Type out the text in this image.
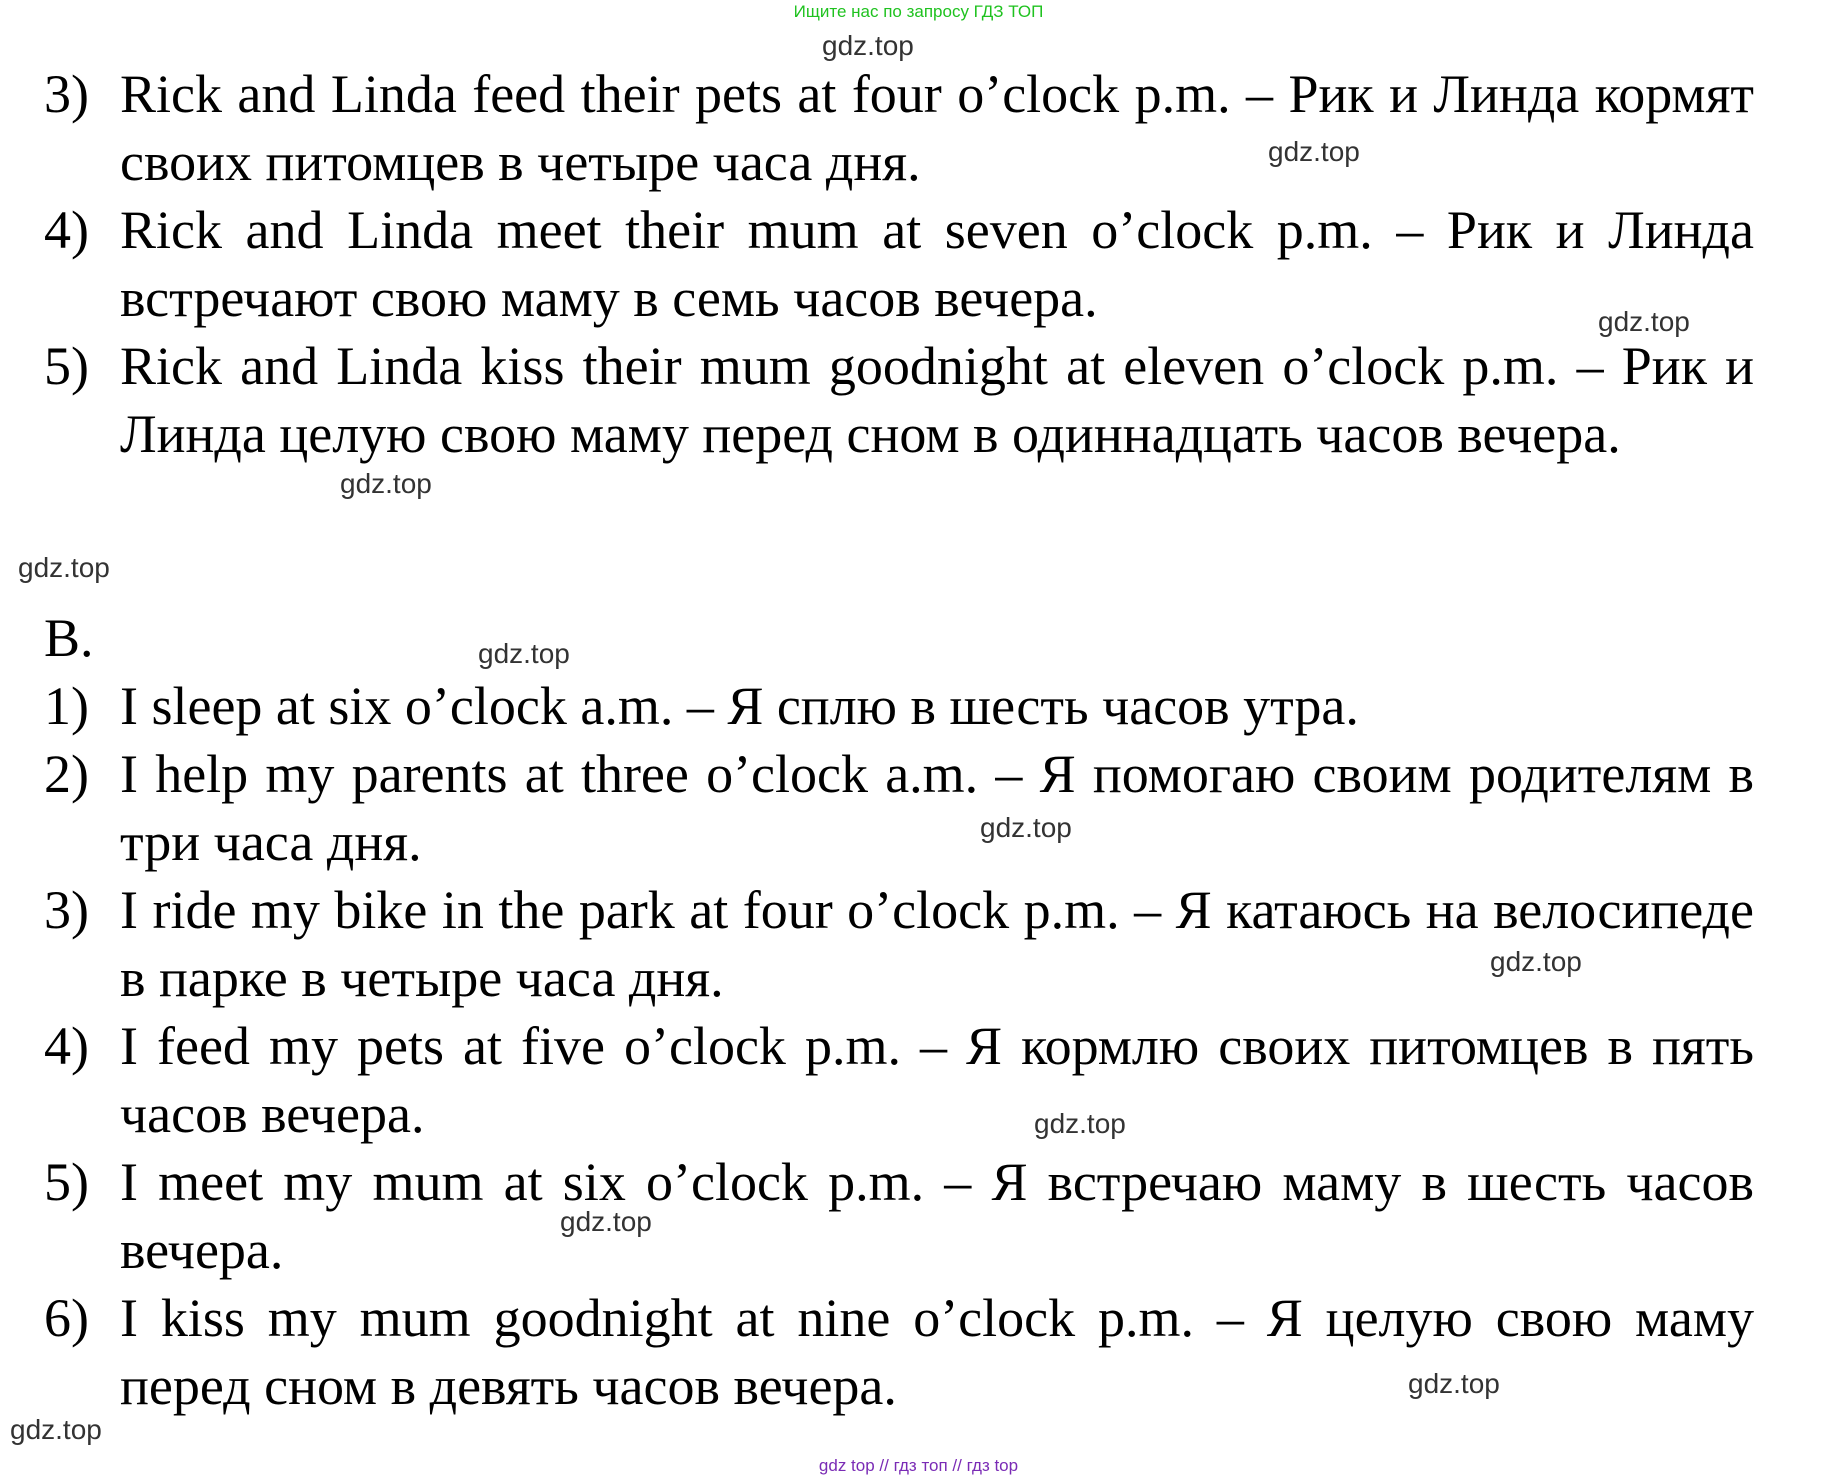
Ищите нас по запросу ГДЗ ТОП
3) Rick and Linda feed their pets at four o’clock p.m. – Рик и Линда кормят своих питомцев в четыре часа дня.
4) Rick and Linda meet their mum at seven o’clock p.m. – Рик и Линда встречают свою маму в семь часов вечера.
5) Rick and Linda kiss their mum goodnight at eleven o’clock p.m. – Рик и Линда целую свою маму перед сном в одиннадцать часов вечера.
B.
1) I sleep at six o’clock a.m. – Я сплю в шесть часов утра.
2) I help my parents at three o’clock a.m. – Я помогаю своим родителям в три часа дня.
3) I ride my bike in the park at four o’clock p.m. – Я катаюсь на велосипеде в парке в четыре часа дня.
4) I feed my pets at five o’clock p.m. – Я кормлю своих питомцев в пять часов вечера.
5) I meet my mum at six o’clock p.m. – Я встречаю маму в шесть часов вечера.
6) I kiss my mum goodnight at nine o’clock p.m. – Я целую свою маму перед сном в девять часов вечера.
gdz.top
gdz.top
gdz.top
gdz.top
gdz.top
gdz.top
gdz.top
gdz.top
gdz.top
gdz.top
gdz.top
gdz.top
gdz top // гдз топ // гдз top
